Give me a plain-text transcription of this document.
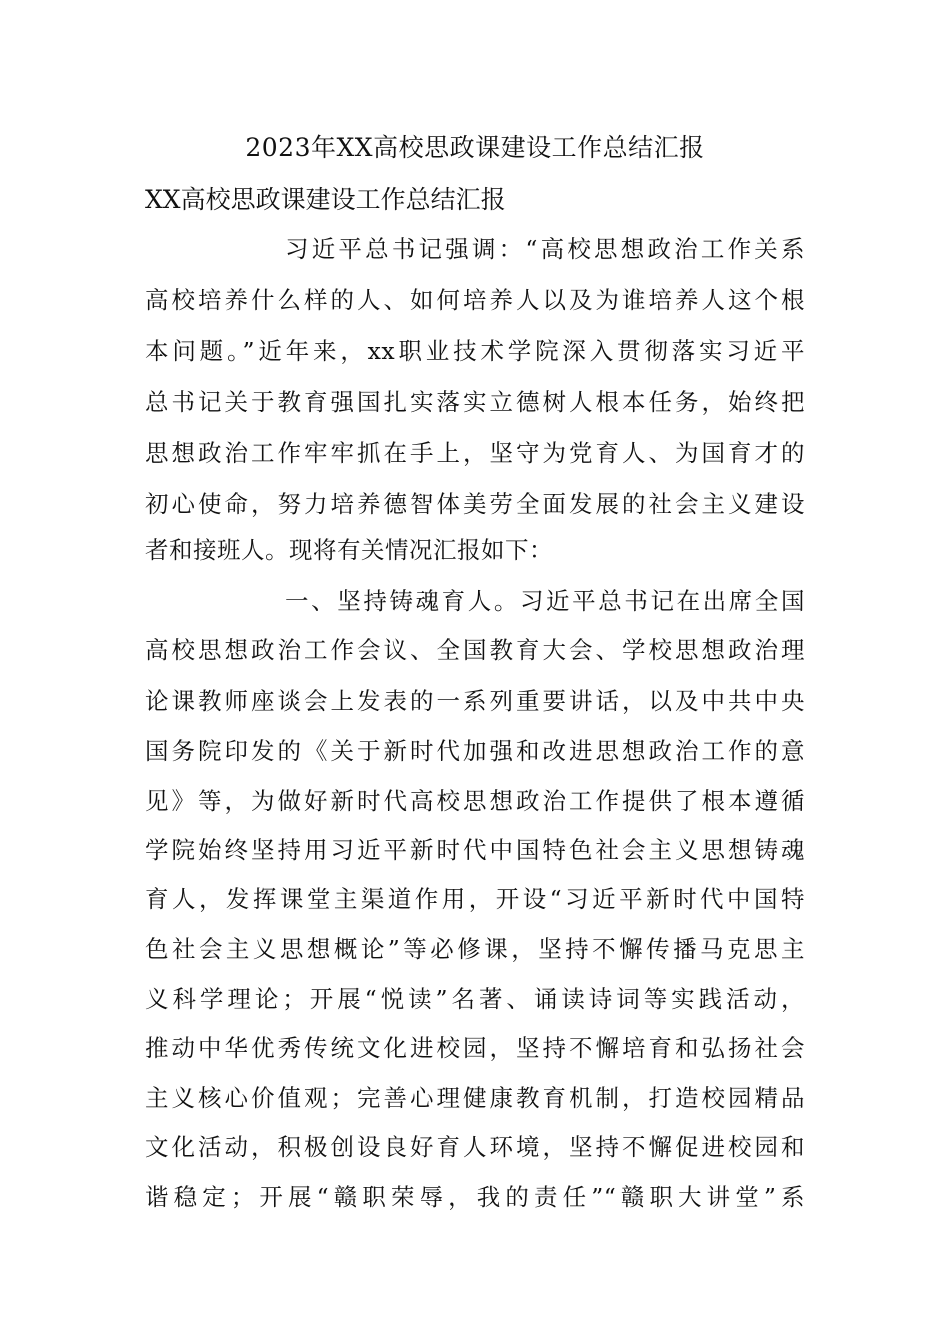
2023年XX高校思政课建设工作总结汇报
XX高校思政课建设工作总结汇报
习近平总书记强调：“高校思想政治工作关系
高校培养什么样的人、如何培养人以及为谁培养人这个根
本问题。”近年来，xx职业技术学院深入贯彻落实习近平
总书记关于教育强国扎实落实立德树人根本任务，始终把
思想政治工作牢牢抓在手上，坚守为党育人、为国育才的
初心使命，努力培养德智体美劳全面发展的社会主义建设
者和接班人。现将有关情况汇报如下：
一、坚持铸魂育人。习近平总书记在出席全国
高校思想政治工作会议、全国教育大会、学校思想政治理
论课教师座谈会上发表的一系列重要讲话，以及中共中央
国务院印发的《关于新时代加强和改进思想政治工作的意
见》等，为做好新时代高校思想政治工作提供了根本遵循
学院始终坚持用习近平新时代中国特色社会主义思想铸魂
育人，发挥课堂主渠道作用，开设“习近平新时代中国特
色社会主义思想概论”等必修课，坚持不懈传播马克思主
义科学理论；开展“悦读”名著、诵读诗词等实践活动，
推动中华优秀传统文化进校园，坚持不懈培育和弘扬社会
主义核心价值观；完善心理健康教育机制，打造校园精品
文化活动，积极创设良好育人环境，坚持不懈促进校园和
谐稳定；开展“赣职荣辱，我的责任”“赣职大讲堂”系
